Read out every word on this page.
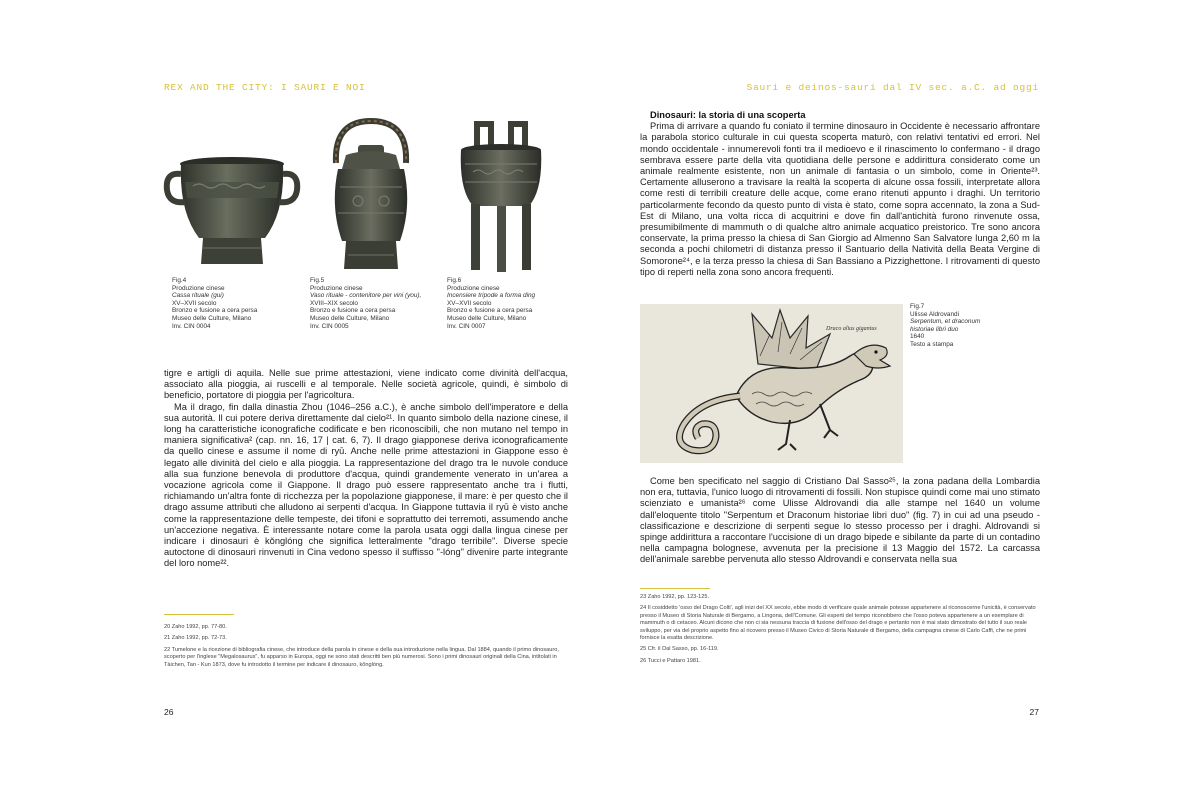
REX AND THE CITY: I SAURI E NOI
Fig.4
Produzione cinese
Cassa rituale (gui)
XV–XVII secolo
Bronzo e fusione a cera persa
Museo delle Culture, Milano
Inv. CIN 0004
Fig.5
Produzione cinese
Vaso rituale - contenitore per vini (you),
XVIII–XIX secolo
Bronzo e fusione a cera persa
Museo delle Culture, Milano
Inv. CIN 0005
Fig.6
Produzione cinese
Incensiere tripode a forma ding
XV–XVII secolo
Bronzo e fusione a cera persa
Museo delle Culture, Milano
Inv. CIN 0007

tigre e artigli di aquila. Nelle sue prime attestazioni, viene indicato come divinità dell'acqua, associato alla pioggia, ai ruscelli e al temporale. Nelle società agricole, quindi, è simbolo di beneficio, portatore di pioggia per l'agricoltura.

Ma il drago, fin dalla dinastia Zhou (1046–256 a.C.), è anche simbolo dell'imperatore e della sua autorità. Il cui potere deriva direttamente dal cielo²¹. In quanto simbolo della nazione cinese, il long ha caratteristiche iconografiche codificate e ben riconoscibili, che non mutano nel tempo in maniera significativa² (cap. nn. 16, 17 | cat. 6, 7). Il drago giapponese deriva iconograficamente da quello cinese e assume il nome di ryū. Anche nelle prime attestazioni in Giappone esso è legato alle divinità del cielo e alla pioggia. La rappresentazione del drago tra le nuvole conduce alla sua funzione benevola di produttore d'acqua, quindi grandemente venerato in un'area a vocazione agricola come il Giappone. Il drago può essere rappresentato anche tra i flutti, richiamando un'altra fonte di ricchezza per la popolazione giapponese, il mare: è per questo che il drago assume attributi che alludono ai serpenti d'acqua. In Giappone tuttavia il ryū è visto anche come la rappresentazione delle tempeste, dei tifoni e soprattutto dei terremoti, assumendo anche un'accezione negativa. È interessante notare come la parola usata oggi dalla lingua cinese per indicare i dinosauri è kǒnglóng che significa letteralmente "drago terribile". Diverse specie autoctone di dinosauri rinvenuti in Cina vedono spesso il suffisso "-lóng" divenire parte integrante del loro nome²².

20 Zaho 1992, pp. 77-80.

21 Zaho 1992, pp. 72-73.

22 Tumelone e la ricezione di bibliografia cinese, che introduce della parola in cinese e della sua introduzione nella lingua. Dal 1884, quando il primo dinosauro, scoperto per l'inglese "Megalosaurus", fu apparso in Europa, oggi ne sono stati descritti ben più numerosi. Sono i primi dinosauri originali della Cina, intitolati in Tàichen, Tan - Kun 1873, dove fu introdotto il termine per indicare il dinosauro, kǒnglóng.

26
Sauri e deinos-sauri dal IV sec. a.C. ad oggi

Dinosauri: la storia di una scoperta

Prima di arrivare a quando fu coniato il termine dinosauro in Occidente è necessario affrontare la parabola storico culturale in cui questa scoperta maturò, con relativi tentativi ed errori. Nel mondo occidentale - innumerevoli fonti tra il medioevo e il rinascimento lo confermano - il drago sembrava essere parte della vita quotidiana delle persone e addirittura considerato come un animale realmente esistente, non un animale di fantasia o un simbolo, come in Oriente²³. Certamente alluserono a travisare la realtà la scoperta di alcune ossa fossili, interpretate allora come resti di terribili creature delle acque, come erano ritenuti appunto i draghi. Un territorio particolarmente fecondo da questo punto di vista è stato, come sopra accennato, la zona a Sud-Est di Milano, una volta ricca di acquitrini e dove fin dall'antichità furono rinvenute ossa, presumibilmente di mammuth o di qualche altro animale acquatico preistorico. Tre sono ancora conservate, la prima presso la chiesa di San Giorgio ad Almenno San Salvatore lunga 2,60 m la seconda a pochi chilometri di distanza presso il Santuario della Natività della Beata Vergine di Somorone²⁴, e la terza presso la chiesa di San Bassiano a Pizzighettone. I ritrovamenti di questo tipo di reperti nella zona sono ancora frequenti.

Fig.7
Ulisse Aldrovandi
Serpentum, et draconum
historiae libri duo
1640
Testo a stampa

Come ben specificato nel saggio di Cristiano Dal Sasso²⁵, la zona padana della Lombardia non era, tuttavia, l'unico luogo di ritrovamenti di fossili. Non stupisce quindi come mai uno stimato scienziato e umanista²⁶ come Ulisse Aldrovandi dia alle stampe nel 1640 un volume dall'eloquente titolo "Serpentum et Draconum historiae libri duo" (fig. 7) in cui ad una pseudo - classificazione e descrizione di serpenti segue lo stesso processo per i draghi. Aldrovandi si spinge addirittura a raccontare l'uccisione di un drago bipede e sibilante da parte di un contadino nella campagna bolognese, avvenuta per la precisione il 13 Maggio del 1572. La carcassa dell'animale sarebbe pervenuta allo stesso Aldrovandi e conservata nella sua

23 Zaho 1992, pp. 123-125.

24 Il cosiddetto 'osso del Drago Colti', agli inizi del XX secolo, ebbe modo di verificare quale animale potesse appartenere al riconoscerne l'unicità, è conservato presso il Museo di Storia Naturale di Bergamo, a Lingona, dell'Comune. Gli esperti del tempo riconobbero che l'osso poteva appartenere a un esemplare di mammuth o di cetaceo. Alcuni dicono che non ci sia nessuna traccia di fusione dell'osso del drago e pertanto non è mai stato dimostrato del tutto il suo reale sviluppo, per via del proprio aspetto fino al ricovero presso il Museo Civico di Storia Naturale di Bergamo, della campagna cinese di Carlo Caffi, che ne primi fornisce la esatta descrizione.

25 Cfr. il Dal Sasso, pp. 16-119.

26 Tucci e Pattaro 1981.

27
Draco alius gigantus
